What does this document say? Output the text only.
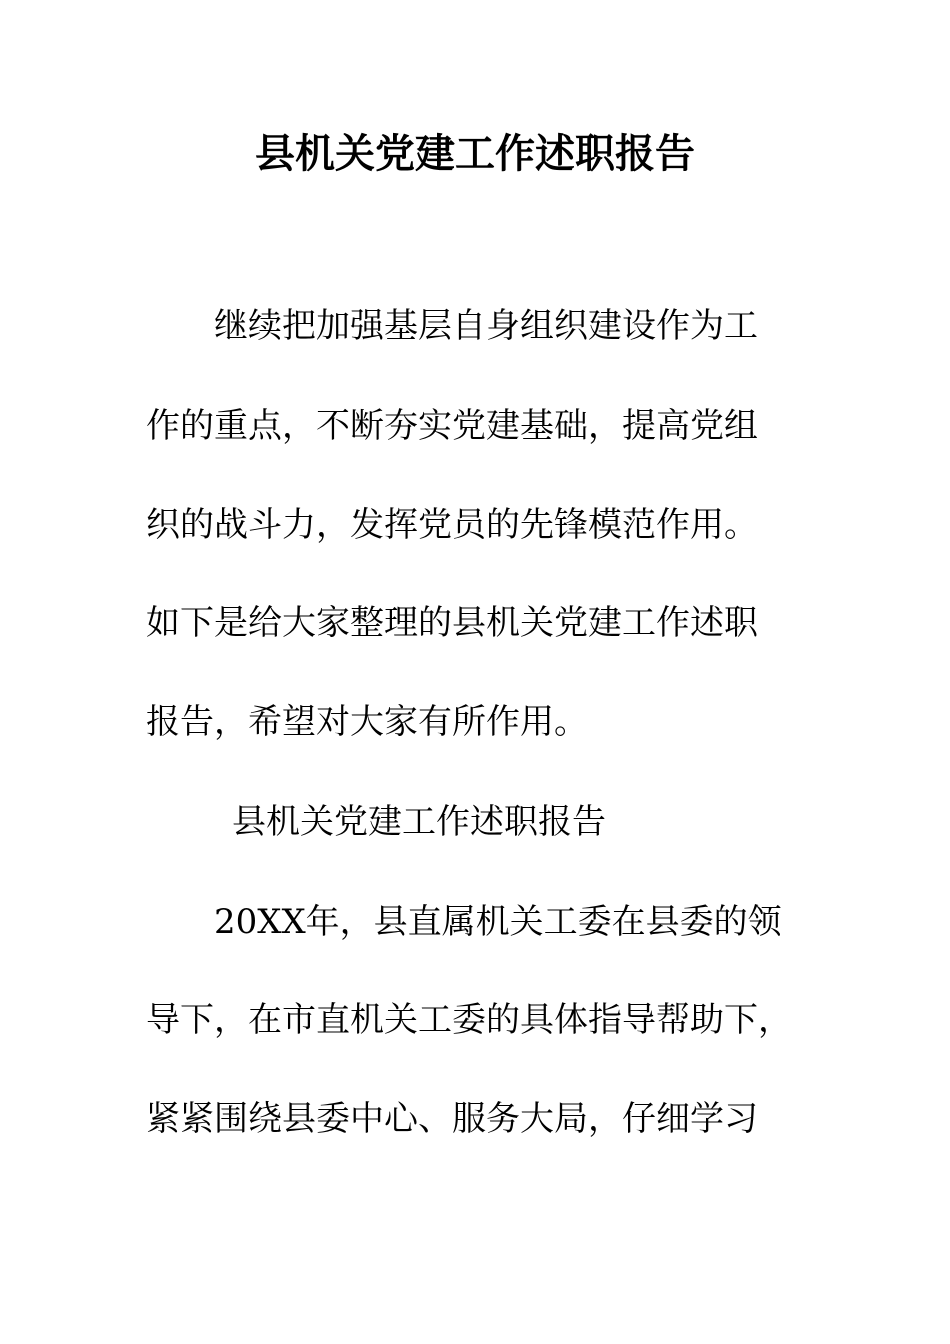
县机关党建工作述职报告
继续把加强基层自身组织建设作为工
作的重点，不断夯实党建基础，提高党组
织的战斗力，发挥党员的先锋模范作用。
如下是给大家整理的县机关党建工作述职
报告，希望对大家有所作用。
县机关党建工作述职报告
20XX年，县直属机关工委在县委的领
导下，在市直机关工委的具体指导帮助下，
紧紧围绕县委中心、服务大局，仔细学习
